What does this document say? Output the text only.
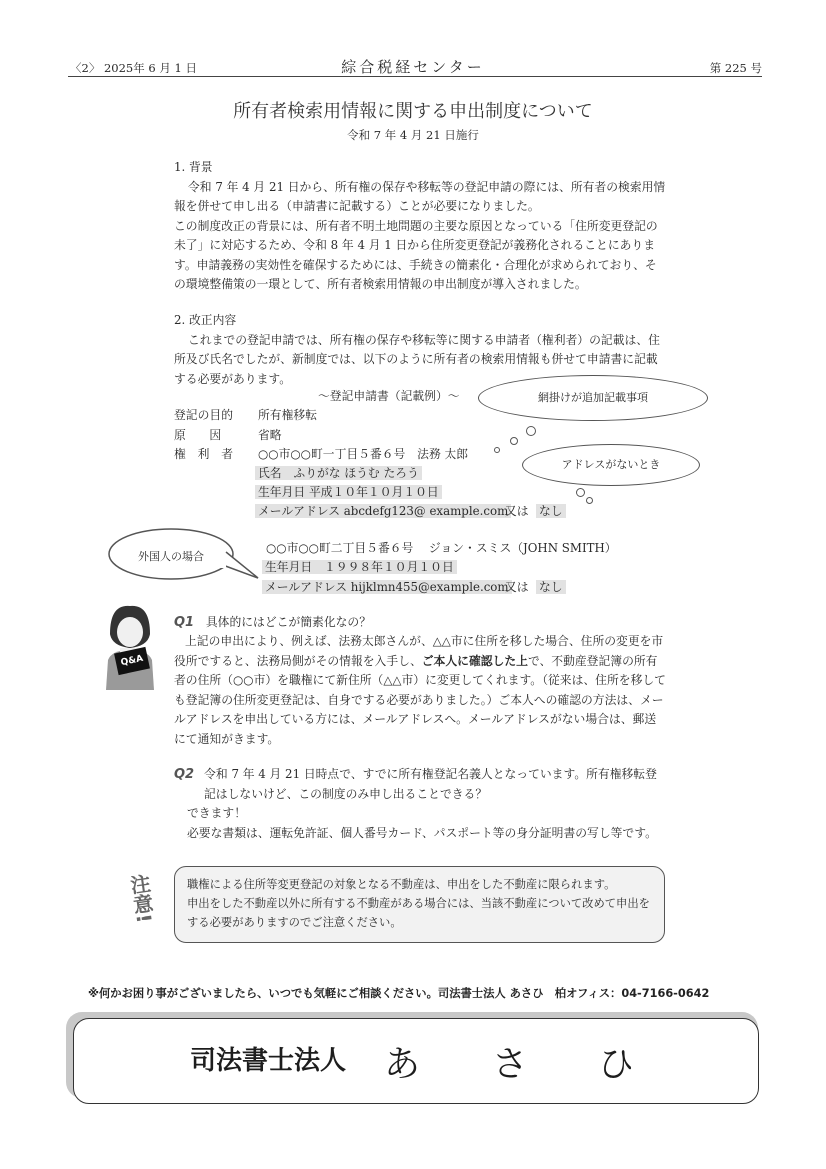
〈2〉 2025年 6 月 1 日	綜合税経センター	第 225 号
所有者検索用情報に関する申出制度について
令和 7 年 4 月 21 日施行

1. 背景

令和 7 年 4 月 21 日から、所有権の保存や移転等の登記申請の際には、所有者の検索用情報を併せて申し出る（申請書に記載する）ことが必要になりました。

この制度改正の背景には、所有者不明土地問題の主要な原因となっている「住所変更登記の未了」に対応するため、令和 8 年 4 月 1 日から住所変更登記が義務化されることにあります。申請義務の実効性を確保するためには、手続きの簡素化・合理化が求められており、その環境整備策の一環として、所有者検索用情報の申出制度が導入されました。

2. 改正内容

これまでの登記申請では、所有権の保存や移転等に関する申請者（権利者）の記載は、住所及び氏名でしたが、新制度では、以下のように所有者の検索用情報も併せて申請書に記載する必要があります。

～登記申請書（記載例）～
登記の目的 所有権移転
原　　因	省略
権　利　者 ○○市○○町一丁目５番６号　法務 太郎
氏名　ふりがな ほうむ たろう
生年月日 平成１０年１０月１０日
メールアドレス abcdefg123@ example.com
又は なし
○○市○○町二丁目５番６号　 ジョン・スミス（JOHN SMITH）
生年月日　１９９８年１０月１０日
メールアドレス hijklmn455@example.com
又は なし
網掛けが追加記載事項
アドレスがないとき
外国人の場合
Q&A
Q1 具体的にはどこが簡素化なの？
上記の申出により、例えば、法務太郎さんが、△△市に住所を移した場合、住所の変更を市役所ですると、法務局側がその情報を入手し、ご本人に確認した上で、不動産登記簿の所有者の住所（○○市）を職権にて新住所（△△市）に変更してくれます。（従来は、住所を移しても登記簿の住所変更登記は、自身でする必要がありました。）ご本人への確認の方法は、メールアドレスを申出している方には、メールアドレスへ。メールアドレスがない場合は、郵送にて通知がきます。
Q2 令和 7 年 4 月 21 日時点で、すでに所有権登記名義人となっています。所有権移転登記はしないけど、この制度のみ申し出ることできる？
できます！
必要な書類は、運転免許証、個人番号カード、パスポート等の身分証明書の写し等です。
注意!	職権による住所等変更登記の対象となる不動産は、申出をした不動産に限られます。
申出をした不動産以外に所有する不動産がある場合には、当該不動産について改めて申出をする必要がありますのでご注意ください。
※何かお困り事がございましたら、いつでも気軽にご相談ください。司法書士法人 あさひ　柏オフィス：04-7166-0642
司法書士法人 あ さ ひ
